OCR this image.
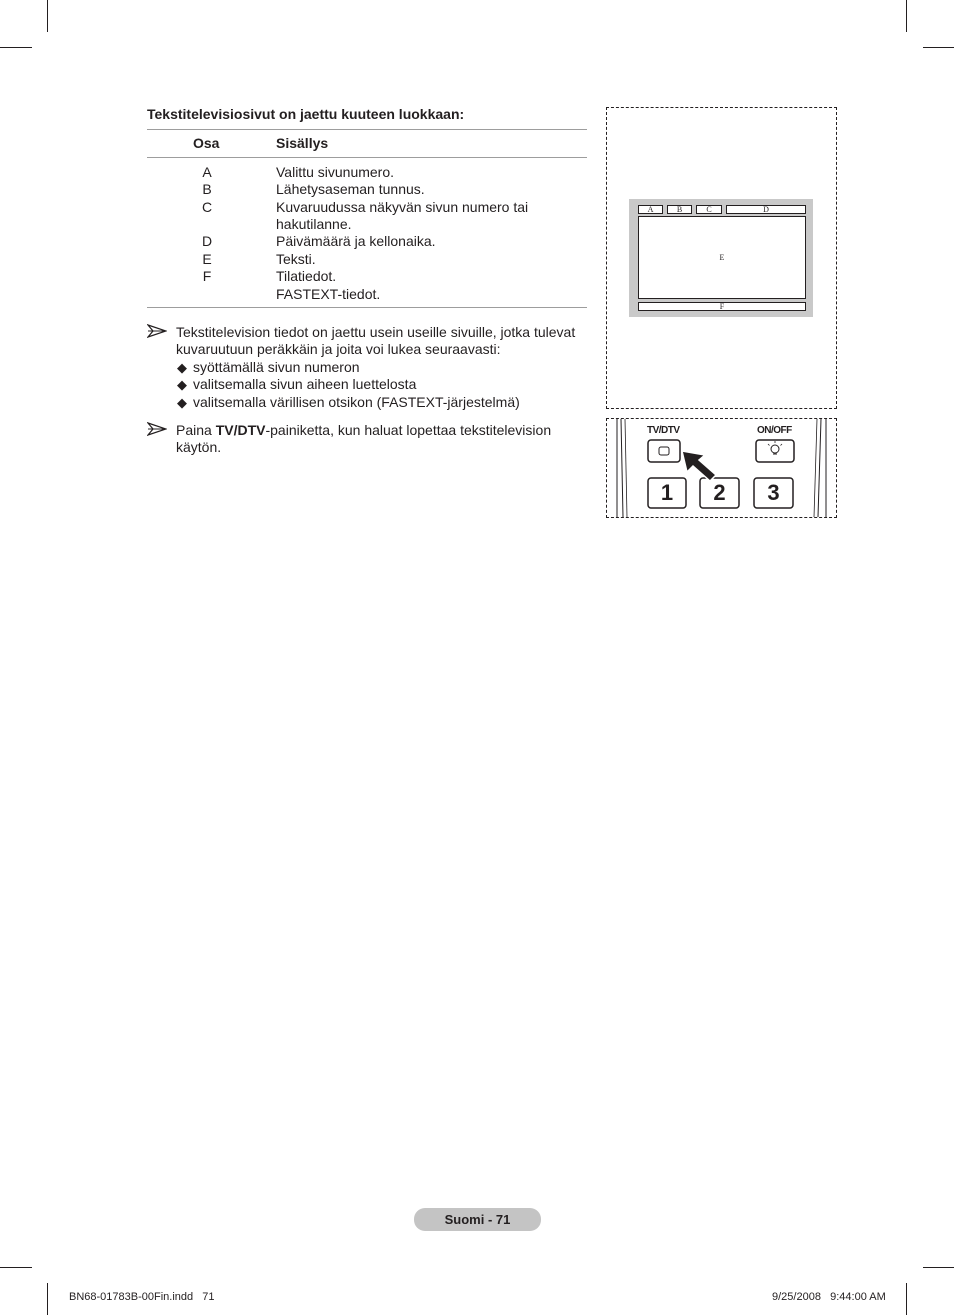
Tekstitelevisiosivut on jaettu kuuteen luokkaan:
Osa	Sisällys
A	Valittu sivunumero.
B	Lähetysaseman tunnus.
C	Kuvaruudussa näkyvän sivun numero tai
hakutilanne.
D	Päivämäärä ja kellonaika.
E	Teksti.
F	Tilatiedot.
FASTEXT-tiedot.
Tekstitelevision tiedot on jaettu usein useille sivuille, jotka tulevat
kuvaruutuun peräkkäin ja joita voi lukea seuraavasti:
◆ syöttämällä sivun numeron
◆ valitsemalla sivun aiheen luettelosta
◆ valitsemalla värillisen otsikon (FASTEXT-järjestelmä)
Paina TV/DTV-painiketta, kun haluat lopettaa tekstitelevision
käytön.
A	B	C	D
E
F
TV/DTV	ON/OFF
1	2	3
Suomi - 71
BN68-01783B-00Fin.indd   71	9/25/2008   9:44:00 AM
